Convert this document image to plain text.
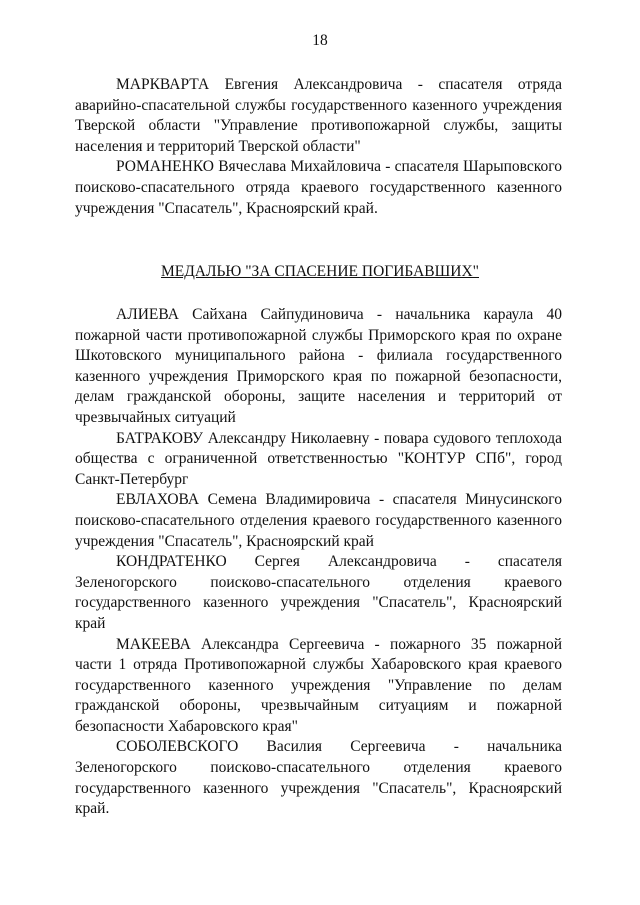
18

МАРКВАРТА Евгения Александровича - спасателя отряда аварийно-спасательной службы государственного казенного учреждения Тверской области "Управление противопожарной службы, защиты населения и территорий Тверской области"

РОМАНЕНКО Вячеслава Михайловича - спасателя Шарыповского поисково-спасательного отряда краевого государственного казенного учреждения "Спасатель", Красноярский край.

МЕДАЛЬЮ "ЗА СПАСЕНИЕ ПОГИБАВШИХ"

АЛИЕВА Сайхана Сайпудиновича - начальника караула 40 пожарной части противопожарной службы Приморского края по охране Шкотовского муниципального района - филиала государственного казенного учреждения Приморского края по пожарной безопасности, делам гражданской обороны, защите населения и территорий от чрезвычайных ситуаций

БАТРАКОВУ Александру Николаевну - повара судового теплохода общества с ограниченной ответственностью "КОНТУР СПб", город Санкт-Петербург

ЕВЛАХОВА Семена Владимировича - спасателя Минусинского поисково-спасательного отделения краевого государственного казенного учреждения "Спасатель", Красноярский край

КОНДРАТЕНКО Сергея Александровича - спасателя Зеленогорского поисково-спасательного отделения краевого государственного казенного учреждения "Спасатель", Красноярский край

МАКЕЕВА Александра Сергеевича - пожарного 35 пожарной части 1 отряда Противопожарной службы Хабаровского края краевого государственного казенного учреждения "Управление по делам гражданской обороны, чрезвычайным ситуациям и пожарной безопасности Хабаровского края"

СОБОЛЕВСКОГО Василия Сергеевича - начальника Зеленогорского поисково-спасательного отделения краевого государственного казенного учреждения "Спасатель", Красноярский край.
